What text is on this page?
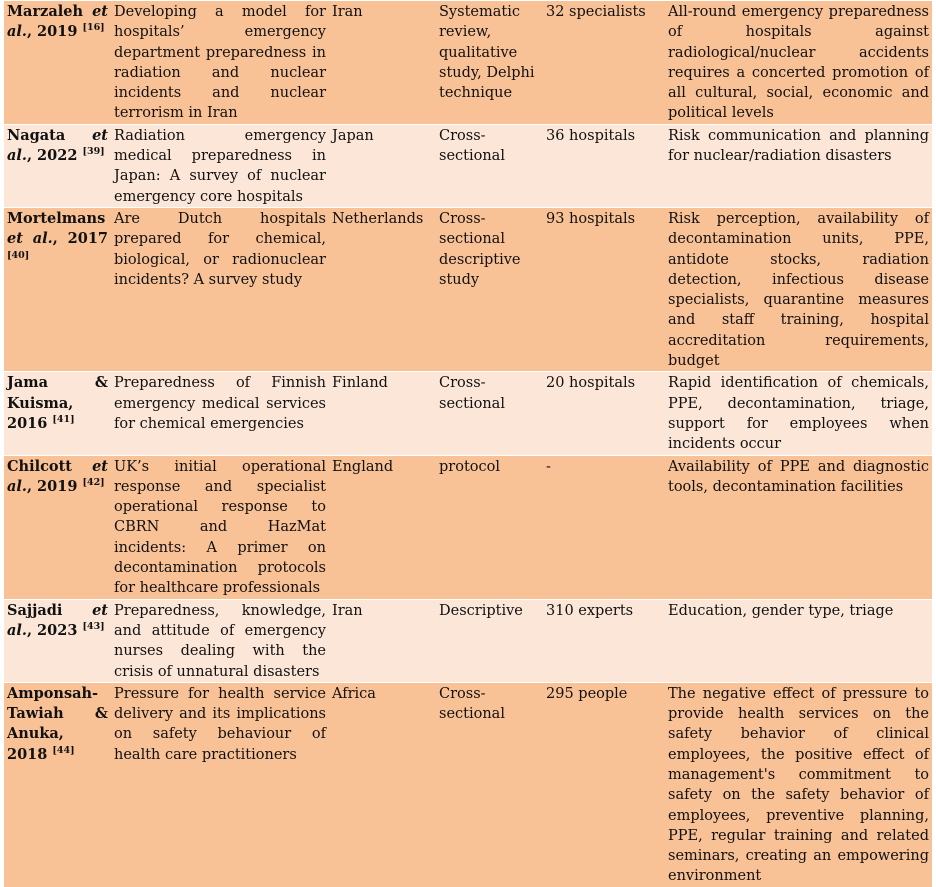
Marzaleh et al., 2019 [16]	Developing a model for hospitals’ emergency department preparedness in radiation and nuclear incidents and nuclear terrorism in Iran	Iran	Systematic review, qualitative study, Delphi technique	32 specialists	All-round emergency preparedness of hospitals against radiological/nuclear accidents requires a concerted promotion of all cultural, social, economic and political levels
Nagata et al., 2022 [39]	Radiation emergency medical preparedness in Japan: A survey of nuclear emergency core hospitals	Japan	Cross-sectional	36 hospitals	Risk communication and planning for nuclear/radiation disasters
Mortelmans et al., 2017 [40]	Are Dutch hospitals prepared for chemical, biological, or radionuclear incidents? A survey study	Netherlands	Cross-sectional descriptive study	93 hospitals	Risk perception, availability of decontamination units, PPE, antidote stocks, radiation detection, infectious disease specialists, quarantine measures and staff training, hospital accreditation requirements, budget
Jama & Kuisma, 2016 [41]	Preparedness of Finnish emergency medical services for chemical emergencies	Finland	Cross-sectional	20 hospitals	Rapid identification of chemicals, PPE, decontamination, triage, support for employees when incidents occur
Chilcott et al., 2019 [42]	UK’s initial operational response and specialist operational response to CBRN and HazMat incidents: A primer on decontamination protocols for healthcare professionals	England	protocol	-	Availability of PPE and diagnostic tools, decontamination facilities
Sajjadi et al., 2023 [43]	Preparedness, knowledge, and attitude of emergency nurses dealing with the crisis of unnatural disasters	Iran	Descriptive	310 experts	Education, gender type, triage
Amponsah-Tawiah & Anuka, 2018 [44]	Pressure for health service delivery and its implications on safety behaviour of health care practitioners	Africa	Cross-sectional	295 people	The negative effect of pressure to provide health services on the safety behavior of clinical employees, the positive effect of management's commitment to safety on the safety behavior of employees, preventive planning, PPE, regular training and related seminars, creating an empowering environment
